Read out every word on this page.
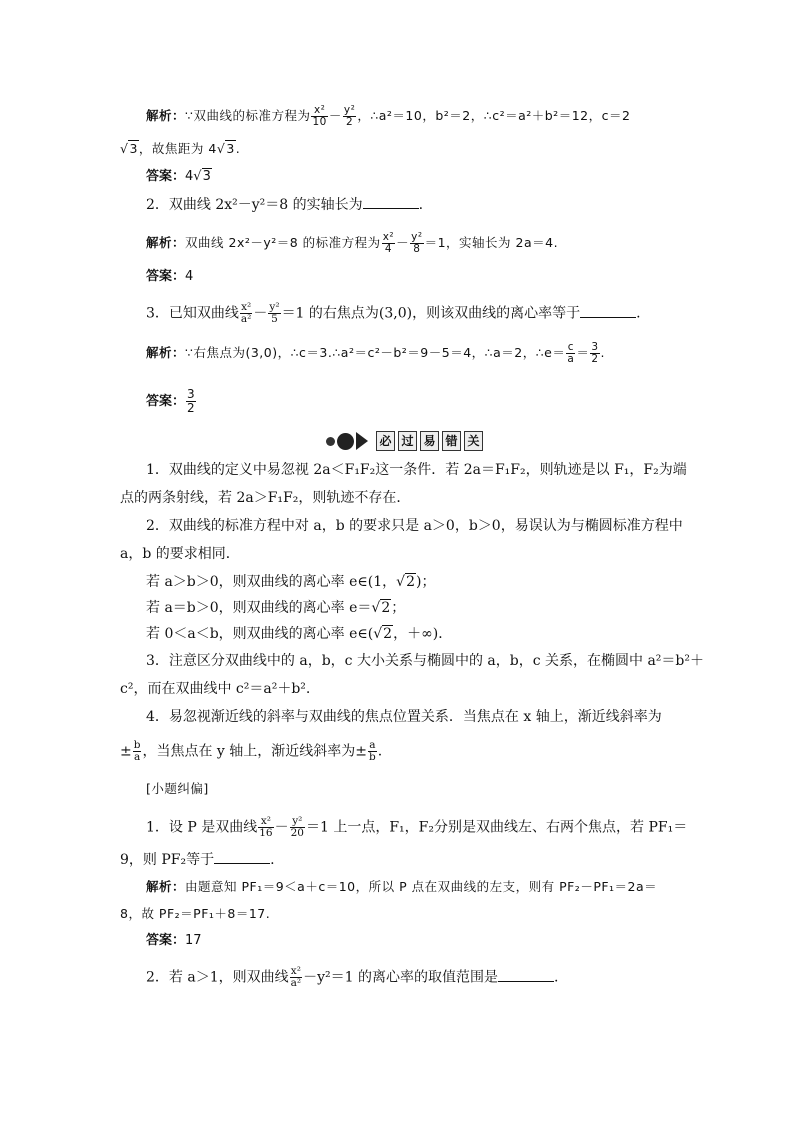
解析：∵双曲线的标准方程为 $\frac{\text{x²}}{10} - \frac{\text{y²}}{2}$ ，∴a²＝10，b²＝2，∴c²＝a²＋b²＝12，c＝2
√3，故焦距为 4√3.
答案：4√3
2．双曲线 2x²－y²＝8 的实轴长为	.
解析：双曲线 2x²－y²＝8 的标准方程为 $\frac{\text{x²}}{4} - \frac{\text{y²}}{8} =1$，实轴长为 2a＝4.
答案：4
3．已知双曲线 $\frac{\text{x²}}{\text{a²}} - \frac{\text{y²}}{5} =1$ 的右焦点为(3,0)，则该双曲线的离心率等于	.
解析：∵右焦点为(3,0)，∴c＝3.∴a²＝c²－b²＝9－5＝4，∴a＝2，∴e＝ $\frac{c}{a} = \frac{3}{2}$ .
答案： $\frac{3}{2}$
必 过 易 错 关
1．双曲线的定义中易忽视 2a＜F₁F₂这一条件．若 2a＝F₁F₂，则轨迹是以 F₁，F₂为端
点的两条射线，若 2a＞F₁F₂，则轨迹不存在．
2．双曲线的标准方程中对 a，b 的要求只是 a＞0，b＞0，易误认为与椭圆标准方程中
a，b 的要求相同．
若 a＞b＞0，则双曲线的离心率 e∈(1，√2)；
若 a＝b＞0，则双曲线的离心率 e＝√2；
若 0＜a＜b，则双曲线的离心率 e∈(√2，＋∞)．
3．注意区分双曲线中的 a，b，c 大小关系与椭圆中的 a，b，c 关系，在椭圆中 a²＝b²＋
c²，而在双曲线中 c²＝a²＋b².
4．易忽视渐近线的斜率与双曲线的焦点位置关系．当焦点在 x 轴上，渐近线斜率为
± $\frac{b}{a}$ ，当焦点在 y 轴上，渐近线斜率为± $\frac{a}{b}$ .
[小题纠偏]
1．设 P 是双曲线 $\frac{\text{x²}}{16} - \frac{\text{y²}}{20} =1$ 上一点，F₁，F₂分别是双曲线左、右两个焦点，若 PF₁＝
9，则 PF₂等于	.
解析：由题意知 PF₁＝9＜a＋c＝10，所以 P 点在双曲线的左支，则有 PF₂－PF₁＝2a＝
8，故 PF₂＝PF₁＋8＝17.
答案：17
2．若 a＞1，则双曲线 $\frac{\text{x²}}{\text{a²}} -y^2=1$ 的离心率的取值范围是	.
